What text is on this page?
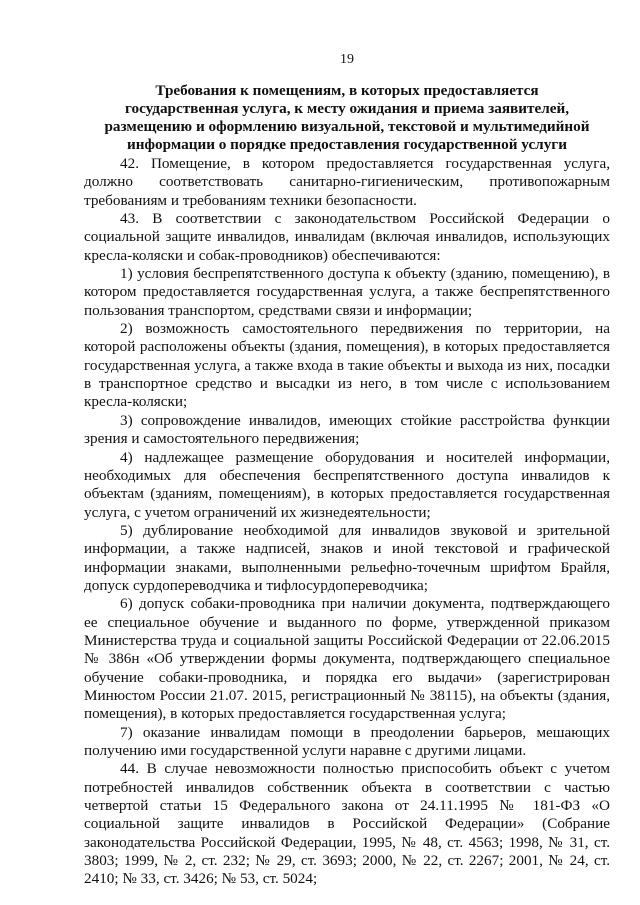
19
Требования к помещениям, в которых предоставляется
государственная услуга, к месту ожидания и приема заявителей,
размещению и оформлению визуальной, текстовой и мультимедийной
информации о порядке предоставления государственной услуги

42. Помещение, в котором предоставляется государственная услуга, должно соответствовать санитарно-гигиеническим, противопожарным требованиям и требованиям техники безопасности.

43. В соответствии с законодательством Российской Федерации о социальной защите инвалидов, инвалидам (включая инвалидов, использующих кресла-коляски и собак-проводников) обеспечиваются:

1) условия беспрепятственного доступа к объекту (зданию, помещению), в котором предоставляется государственная услуга, а также беспрепятственного пользования транспортом, средствами связи и информации;

2) возможность самостоятельного передвижения по территории, на которой расположены объекты (здания, помещения), в которых предоставляется государственная услуга, а также входа в такие объекты и выхода из них, посадки в транспортное средство и высадки из него, в том числе с использованием кресла-коляски;

3) сопровождение инвалидов, имеющих стойкие расстройства функции зрения и самостоятельного передвижения;

4) надлежащее размещение оборудования и носителей информации, необходимых для обеспечения беспрепятственного доступа инвалидов к объектам (зданиям, помещениям), в которых предоставляется государственная услуга, с учетом ограничений их жизнедеятельности;

5) дублирование необходимой для инвалидов звуковой и зрительной информации, а также надписей, знаков и иной текстовой и графической информации знаками, выполненными рельефно-точечным шрифтом Брайля, допуск сурдопереводчика и тифлосурдопереводчика;

6) допуск собаки-проводника при наличии документа, подтверждающего ее специальное обучение и выданного по форме, утвержденной приказом Министерства труда и социальной защиты Российской Федерации от 22.06.2015 № 386н «Об утверждении формы документа, подтверждающего специальное обучение собаки-проводника, и порядка его выдачи» (зарегистрирован Минюстом России 21.07. 2015, регистрационный № 38115), на объекты (здания, помещения), в которых предоставляется государственная услуга;

7) оказание инвалидам помощи в преодолении барьеров, мешающих получению ими государственной услуги наравне с другими лицами.

44. В случае невозможности полностью приспособить объект с учетом потребностей инвалидов собственник объекта в соответствии с частью четвертой статьи 15 Федерального закона от 24.11.1995 № 181-ФЗ «О социальной защите инвалидов в Российской Федерации» (Собрание законодательства Российской Федерации, 1995, № 48, ст. 4563; 1998, № 31, ст. 3803; 1999, № 2, ст. 232; № 29, ст. 3693; 2000, № 22, ст. 2267; 2001, № 24, ст. 2410; № 33, ст. 3426; № 53, ст. 5024;
